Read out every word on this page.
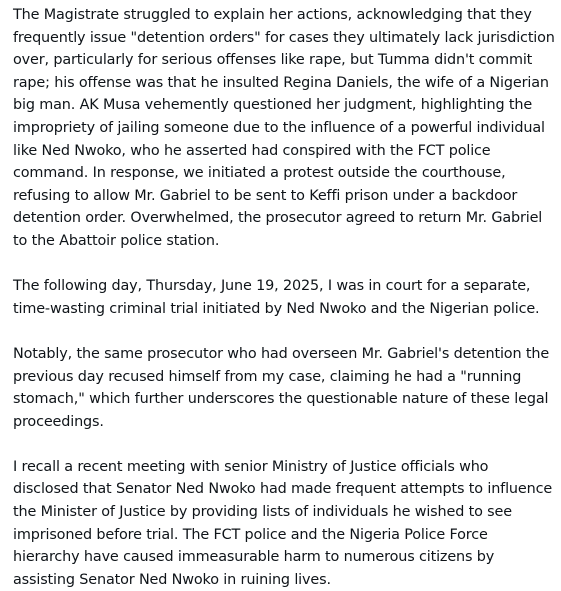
The Magistrate struggled to explain her actions, acknowledging that they frequently issue "detention orders" for cases they ultimately lack jurisdiction over, particularly for serious offenses like rape, but Tumma didn't commit rape; his offense was that he insulted Regina Daniels, the wife of a Nigerian big man. AK Musa vehemently questioned her judgment, highlighting the impropriety of jailing someone due to the influence of a powerful individual like Ned Nwoko, who he asserted had conspired with the FCT police command. In response, we initiated a protest outside the courthouse, refusing to allow Mr. Gabriel to be sent to Keffi prison under a backdoor detention order. Overwhelmed, the prosecutor agreed to return Mr. Gabriel to the Abattoir police station.

The following day, Thursday, June 19, 2025, I was in court for a separate, time-wasting criminal trial initiated by Ned Nwoko and the Nigerian police.

Notably, the same prosecutor who had overseen Mr. Gabriel's detention the previous day recused himself from my case, claiming he had a "running stomach," which further underscores the questionable nature of these legal proceedings.

I recall a recent meeting with senior Ministry of Justice officials who disclosed that Senator Ned Nwoko had made frequent attempts to influence the Minister of Justice by providing lists of individuals he wished to see imprisoned before trial. The FCT police and the Nigeria Police Force hierarchy have caused immeasurable harm to numerous citizens by assisting Senator Ned Nwoko in ruining lives.
